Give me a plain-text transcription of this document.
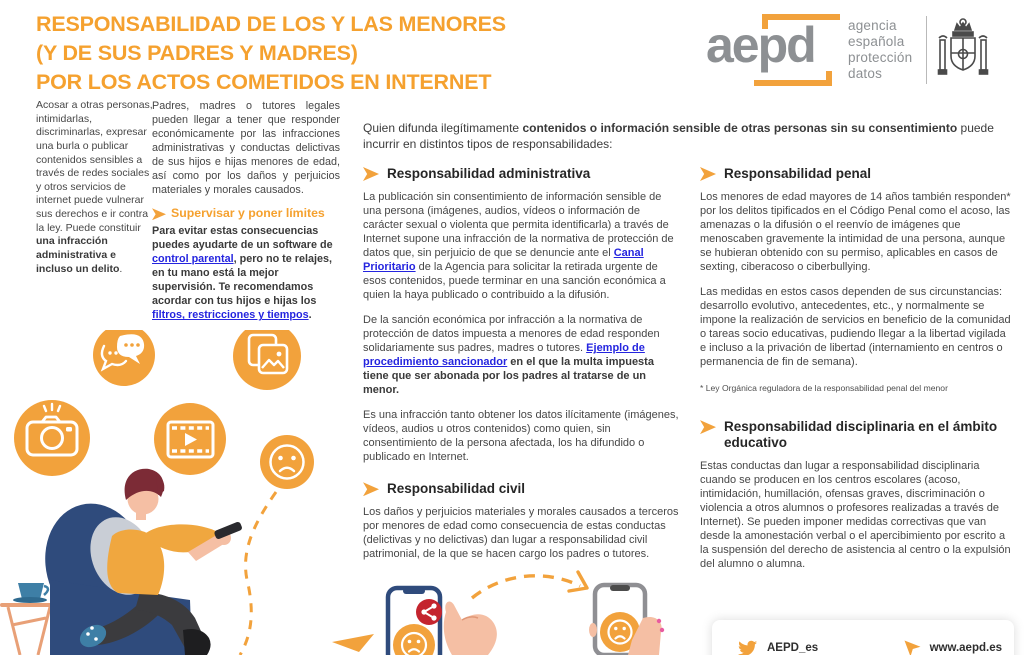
RESPONSABILIDAD DE LOS Y LAS MENORES
(Y DE SUS PADRES Y MADRES)
POR LOS ACTOS COMETIDOS EN INTERNET
aepd agencia
española
protección
datos

Acosar a otras personas, intimidarlas, discriminarlas, expresar una burla o publicar contenidos sensibles a través de redes sociales y otros servicios de internet puede vulnerar sus derechos e ir contra la ley. Puede constituir una infracción administrativa e incluso un delito.

Padres, madres o tutores legales pueden llegar a tener que responder económicamente por las infracciones administrativas y conductas delictivas de sus hijos e hijas menores de edad, así como por los daños y perjuicios materiales y morales causados.

Supervisar y poner límites

Para evitar estas consecuencias puedes ayudarte de un software de control parental, pero no te relajes, en tu mano está la mejor supervisión. Te recomendamos acordar con tus hijos e hijas los filtros, restricciones y tiempos.

Quien difunda ilegítimamente contenidos o información sensible de otras personas sin su consentimiento puede incurrir en distintos tipos de responsabilidades:
Responsabilidad administrativa

La publicación sin consentimiento de información sensible de una persona (imágenes, audios, vídeos o información de carácter sexual o violenta que permita identificarla) a través de Internet supone una infracción de la normativa de protección de datos que, sin perjuicio de que se denuncie ante el Canal Prioritario de la Agencia para solicitar la retirada urgente de esos contenidos, puede terminar en una sanción económica a quien la haya publicado o contribuido a la difusión.

De la sanción económica por infracción a la normativa de protección de datos impuesta a menores de edad responden solidariamente sus padres, madres o tutores. Ejemplo de procedimiento sancionador en el que la multa impuesta tiene que ser abonada por los padres al tratarse de un menor.

Es una infracción tanto obtener los datos ilícitamente (imágenes, vídeos, audios u otros contenidos) como quien, sin consentimiento de la persona afectada, los ha difundido o publicado en Internet.

Responsabilidad civil

Los daños y perjuicios materiales y morales causados a terceros por menores de edad como consecuencia de estas conductas (delictivas y no delictivas) dan lugar a responsabilidad civil patrimonial, de la que se hacen cargo los padres o tutores.

Responsabilidad penal

Los menores de edad mayores de 14 años también responden* por los delitos tipificados en el Código Penal como el acoso, las amenazas o la difusión o el reenvío de imágenes que menoscaben gravemente la intimidad de una persona, aunque se hubieran obtenido con su permiso, aplicables en casos de sexting, ciberacoso o ciberbullying.

Las medidas en estos casos dependen de sus circunstancias: desarrollo evolutivo, antecedentes, etc., y normalmente se impone la realización de servicios en beneficio de la comunidad o tareas socio educativas, pudiendo llegar a la libertad vigilada e incluso a la privación de libertad (internamiento en centros o permanencia de fin de semana).

* Ley Orgánica reguladora de la responsabilidad penal del menor
Responsabilidad disciplinaria en el ámbito educativo

Estas conductas dan lugar a responsabilidad disciplinaria cuando se producen en los centros escolares (acoso, intimidación, humillación, ofensas graves, discriminación o violencia a otros alumnos o profesores realizadas a través de Internet). Se pueden imponer medidas correctivas que van desde la amonestación verbal o el apercibimiento por escrito a la suspensión del derecho de asistencia al centro o la expulsión del alumno o alumna.

AEPD_es	www.aepd.es
